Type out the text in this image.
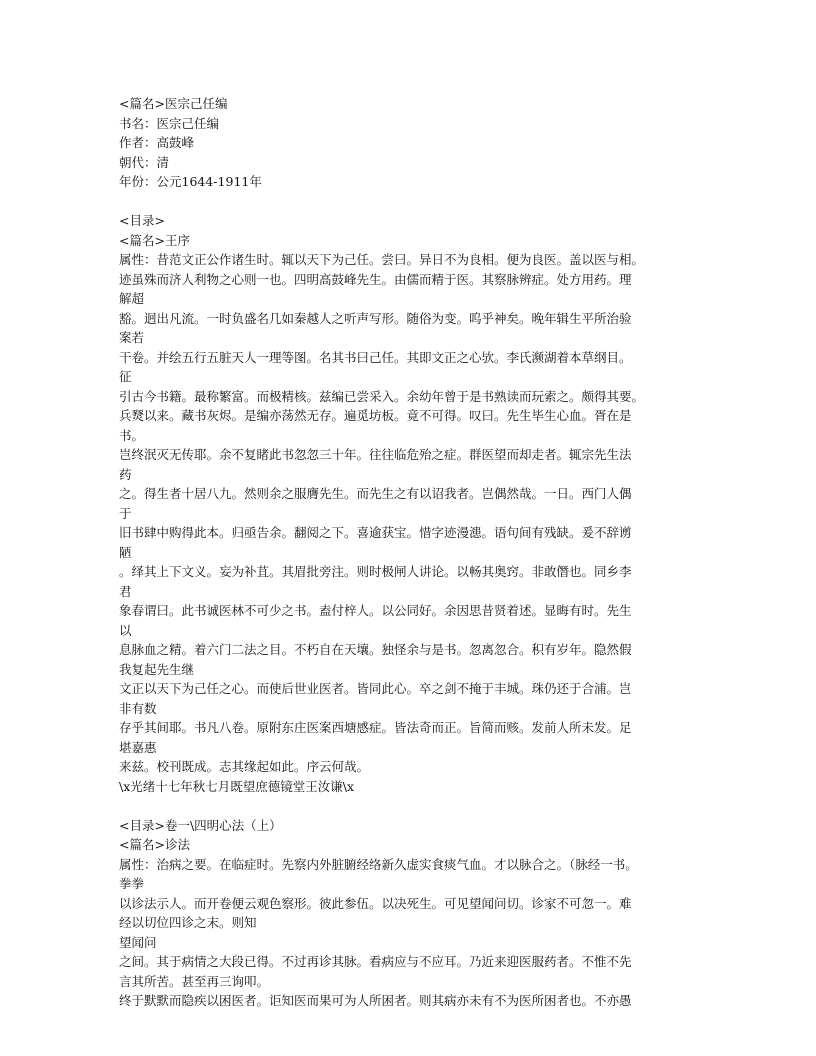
<篇名>医宗己任编
书名：医宗己任编
作者：高鼓峰
朝代：清
年份：公元1644-1911年
<目录>
<篇名>王序
属性：昔范文正公作诸生时。辄以天下为己任。尝曰。异日不为良相。便为良医。盖以医与相。
迹虽殊而济人利物之心则一也。四明高鼓峰先生。由儒而精于医。其察脉辨症。处方用药。理
解超
豁。迥出凡流。一时负盛名几如秦越人之听声写形。随俗为变。呜乎神矣。晚年辑生平所治验
案若
干卷。并绘五行五脏天人一理等图。名其书曰己任。其即文正之心欤。李氏濒湖着本草纲目。
征
引古今书籍。最称繁富。而极精核。兹编已尝采入。余幼年曾于是书熟读而玩索之。颇得其要。
兵燹以来。藏书灰烬。是编亦荡然无存。遍觅坊板。竟不可得。叹曰。先生毕生心血。胥在是
书。
岂终泯灭无传耶。余不复睹此书忽忽三十年。往往临危殆之症。群医望而却走者。辄宗先生法
药
之。得生者十居八九。然则余之服膺先生。而先生之有以诏我者。岂偶然哉。一日。西门人偶
于
旧书肆中购得此本。归亟告余。翻阅之下。喜逾获宝。惜字迹漫漶。语句间有残缺。爰不辞谫
陋
。绎其上下文义。妄为补苴。其眉批旁注。则时极闸人讲论。以畅其奥窍。非敢僭也。同乡李
君
象春谓曰。此书诚医林不可少之书。盍付梓人。以公同好。余因思昔贤着述。显晦有时。先生
以
息脉血之精。着六门二法之目。不朽自在天壤。独怪余与是书。忽离忽合。积有岁年。隐然假
我复起先生继
文正以天下为己任之心。而使后世业医者。皆同此心。卒之剑不掩于丰城。珠仍还于合浦。岂
非有数
存乎其间耶。书凡八卷。原附东庄医案西塘感症。皆法奇而正。旨简而赅。发前人所未发。足
堪嘉惠
来兹。校刊既成。志其缘起如此。序云何哉。
\x光绪十七年秋七月既望庶德镜堂王汝谦\x
<目录>卷一\四明心法（上）
<篇名>诊法
属性：治病之要。在临症时。先察内外脏腑经络新久虚实食痰气血。才以脉合之。（脉经一书。
拳拳
以诊法示人。而开卷便云观色察形。彼此参伍。以决死生。可见望闻问切。诊家不可忽一。难
经以切位四诊之末。则知
望闻问
之间。其于病情之大段已得。不过再诊其脉。看病应与不应耳。乃近来迎医服药者。不惟不先
言其所苦。甚至再三询叩。
终于默默而隐疾以困医者。讵知医而果可为人所困者。则其病亦未有不为医所困者也。不亦愚
